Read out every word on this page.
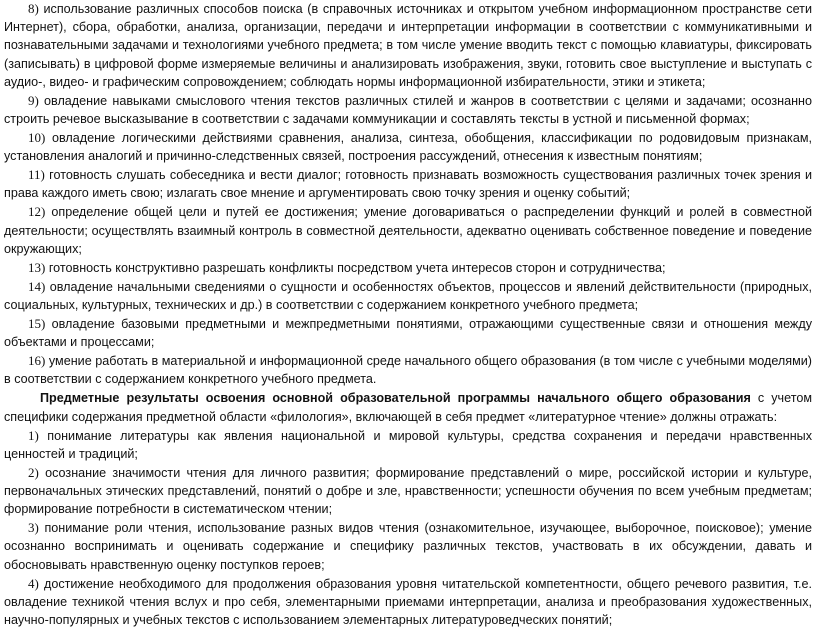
8) использование различных способов поиска (в справочных источниках и открытом учебном информационном пространстве сети Интернет), сбора, обработки, анализа, организации, передачи и интерпретации информации в соответствии с коммуникативными и познавательными задачами и технологиями учебного предмета; в том числе умение вводить текст с помощью клавиатуры, фиксировать (записывать) в цифровой форме измеряемые величины и анализировать изображения, звуки, готовить свое выступление и выступать с аудио-, видео- и графическим сопровождением; соблюдать нормы информационной избирательности, этики и этикета;

9) овладение навыками смыслового чтения текстов различных стилей и жанров в соответствии с целями и задачами; осознанно строить речевое высказывание в соответствии с задачами коммуникации и составлять тексты в устной и письменной формах;

10) овладение логическими действиями сравнения, анализа, синтеза, обобщения, классификации по родовидовым признакам, установления аналогий и причинно-следственных связей, построения рассуждений, отнесения к известным понятиям;

11) готовность слушать собеседника и вести диалог; готовность признавать возможность существования различных точек зрения и права каждого иметь свою; излагать свое мнение и аргументировать свою точку зрения и оценку событий;

12) определение общей цели и путей ее достижения; умение договариваться о распределении функций и ролей в совместной деятельности; осуществлять взаимный контроль в совместной деятельности, адекватно оценивать собственное поведение и поведение окружающих;

13) готовность конструктивно разрешать конфликты посредством учета интересов сторон и сотрудничества;

14) овладение начальными сведениями о сущности и особенностях объектов, процессов и явлений действительности (природных, социальных, культурных, технических и др.) в соответствии с содержанием конкретного учебного предмета;

15) овладение базовыми предметными и межпредметными понятиями, отражающими существенные связи и отношения между объектами и процессами;

16) умение работать в материальной и информационной среде начального общего образования (в том числе с учебными моделями) в соответствии с содержанием конкретного учебного предмета.

Предметные результаты освоения основной образовательной программы начального общего образования с учетом специфики содержания предметной области «филология», включающей в себя предмет «литературное чтение» должны отражать:

1) понимание литературы как явления национальной и мировой культуры, средства сохранения и передачи нравственных ценностей и традиций;

2) осознание значимости чтения для личного развития; формирование представлений о мире, российской истории и культуре, первоначальных этических представлений, понятий о добре и зле, нравственности; успешности обучения по всем учебным предметам; формирование потребности в систематическом чтении;

3) понимание роли чтения, использование разных видов чтения (ознакомительное, изучающее, выборочное, поисковое); умение осознанно воспринимать и оценивать содержание и специфику различных текстов, участвовать в их обсуждении, давать и обосновывать нравственную оценку поступков героев;

4) достижение необходимого для продолжения образования уровня читательской компетентности, общего речевого развития, т.е. овладение техникой чтения вслух и про себя, элементарными приемами интерпретации, анализа и преобразования художественных, научно-популярных и учебных текстов с использованием элементарных литературоведческих понятий;
